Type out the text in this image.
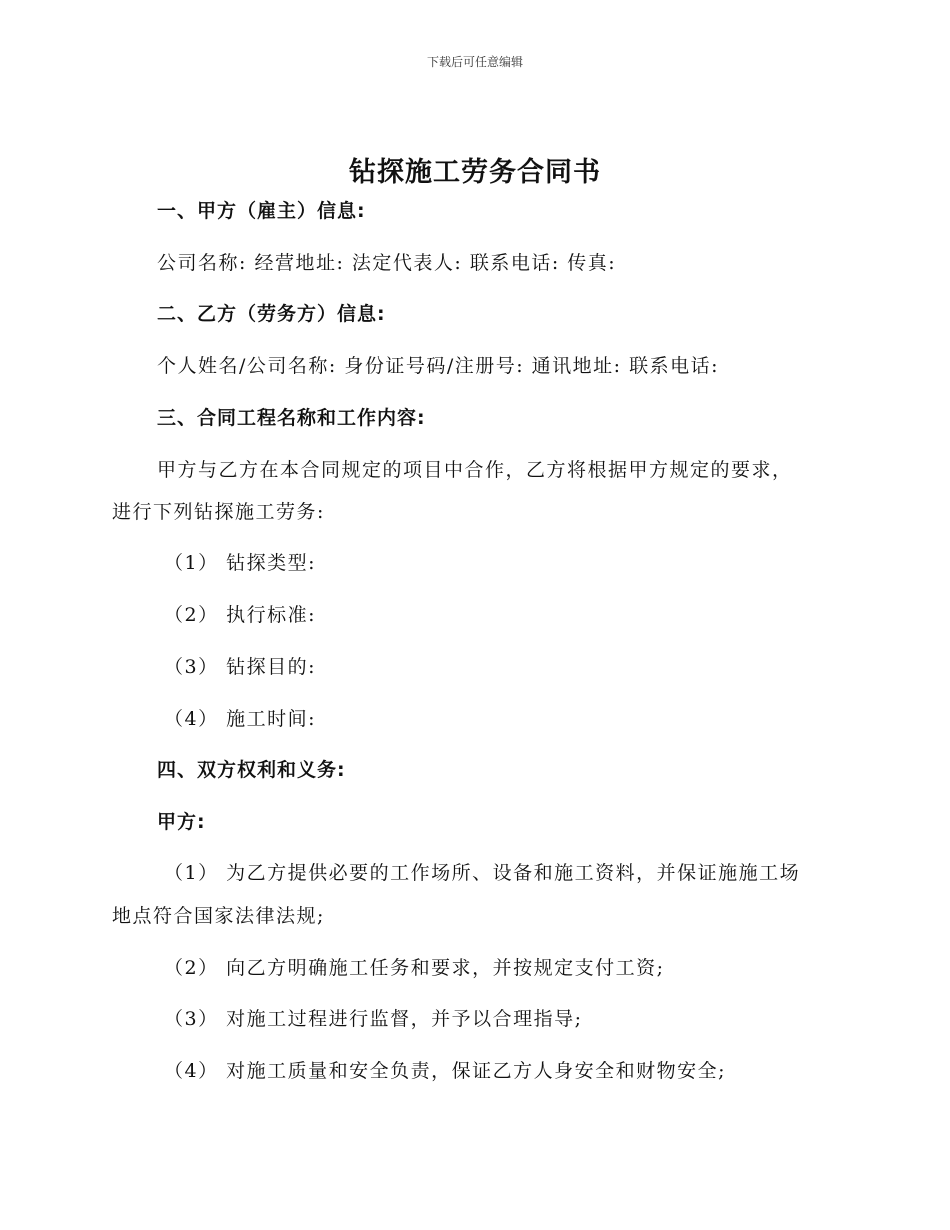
下载后可任意编辑
钻探施工劳务合同书
一、甲方（雇主）信息:
公司名称: 经营地址: 法定代表人: 联系电话: 传真:
二、乙方（劳务方）信息:
个人姓名/公司名称: 身份证号码/注册号: 通讯地址: 联系电话:
三、合同工程名称和工作内容:
甲方与乙方在本合同规定的项目中合作，乙方将根据甲方规定的要求，
进行下列钻探施工劳务:
（1） 钻探类型:
（2） 执行标准:
（3） 钻探目的:
（4） 施工时间:
四、双方权利和义务:
甲方:
（1） 为乙方提供必要的工作场所、设备和施工资料，并保证施施工场
地点符合国家法律法规;
（2） 向乙方明确施工任务和要求，并按规定支付工资;
（3） 对施工过程进行监督，并予以合理指导;
（4） 对施工质量和安全负责，保证乙方人身安全和财物安全;
